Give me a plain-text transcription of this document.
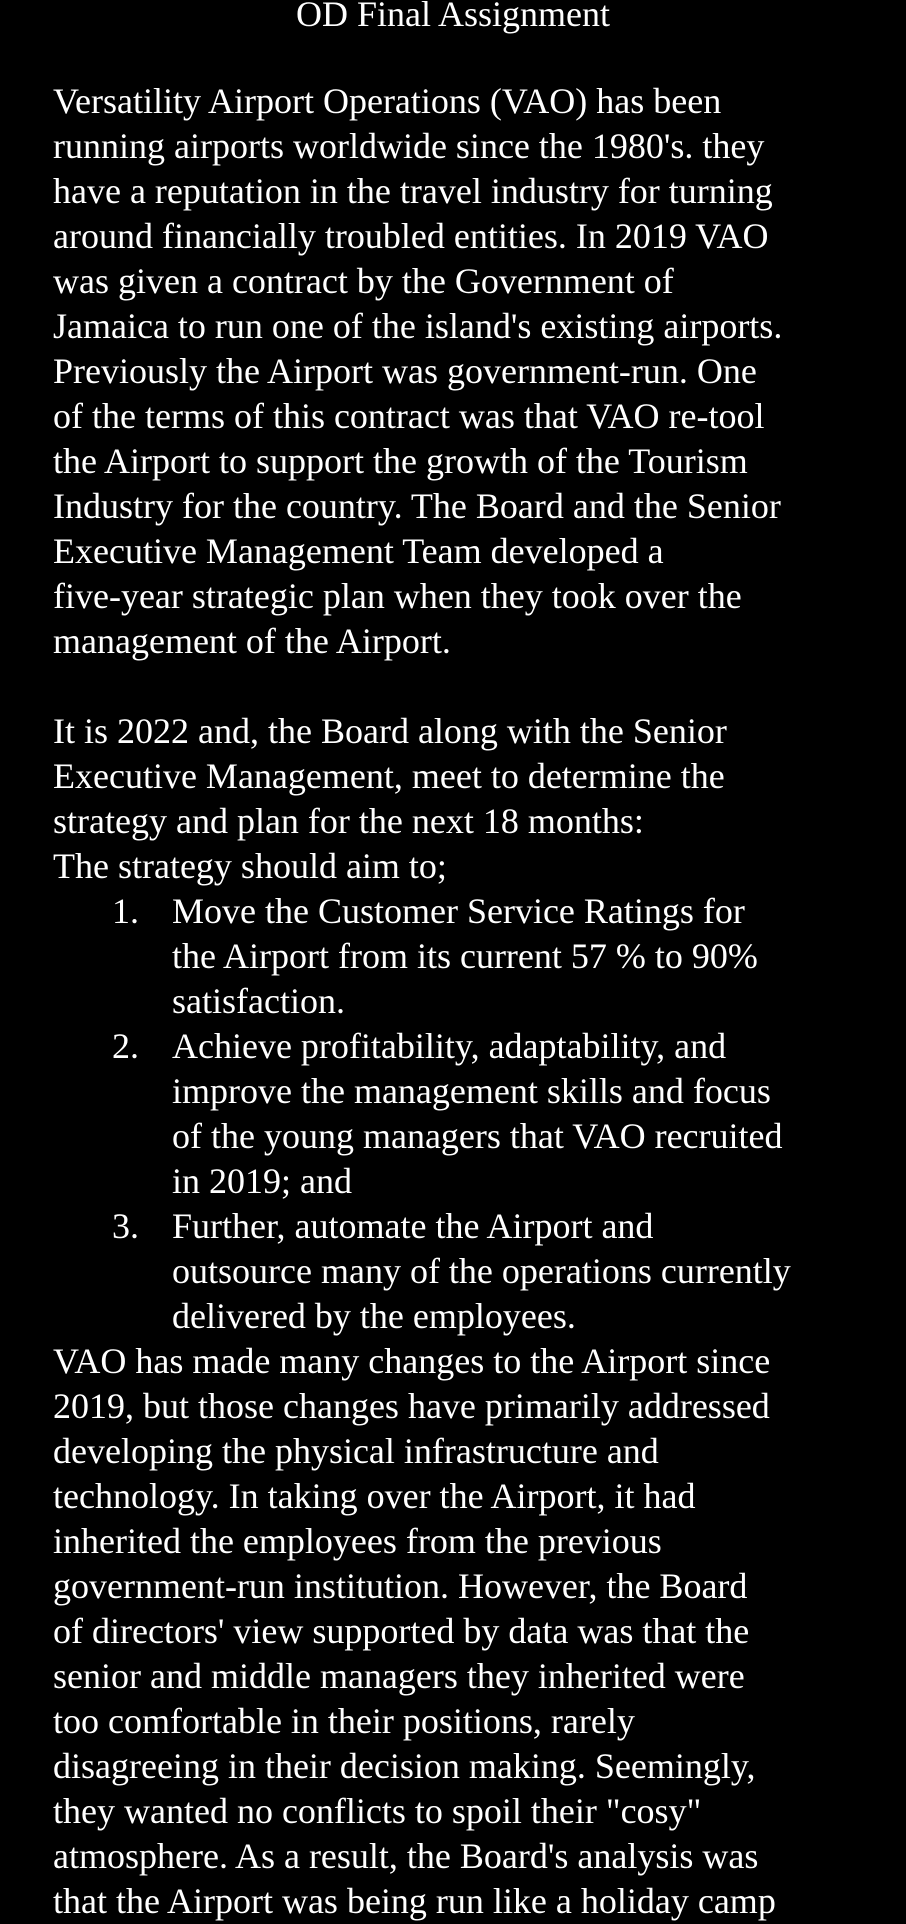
OD Final Assignment
Versatility Airport Operations (VAO) has been
running airports worldwide since the 1980's. they
have a reputation in the travel industry for turning
around financially troubled entities. In 2019 VAO
was given a contract by the Government of
Jamaica to run one of the island's existing airports.
Previously the Airport was government-run. One
of the terms of this contract was that VAO re-tool
the Airport to support the growth of the Tourism
Industry for the country. The Board and the Senior
Executive Management Team developed a
five-year strategic plan when they took over the
management of the Airport.
It is 2022 and, the Board along with the Senior
Executive Management, meet to determine the
strategy and plan for the next 18 months:
The strategy should aim to;
1. Move the Customer Service Ratings for
the Airport from its current 57 % to 90%
satisfaction.
2. Achieve profitability, adaptability, and
improve the management skills and focus
of the young managers that VAO recruited
in 2019; and
3. Further, automate the Airport and
outsource many of the operations currently
delivered by the employees.
VAO has made many changes to the Airport since
2019, but those changes have primarily addressed
developing the physical infrastructure and
technology. In taking over the Airport, it had
inherited the employees from the previous
government-run institution. However, the Board
of directors' view supported by data was that the
senior and middle managers they inherited were
too comfortable in their positions, rarely
disagreeing in their decision making. Seemingly,
they wanted no conflicts to spoil their "cosy"
atmosphere. As a result, the Board's analysis was
that the Airport was being run like a holiday camp
